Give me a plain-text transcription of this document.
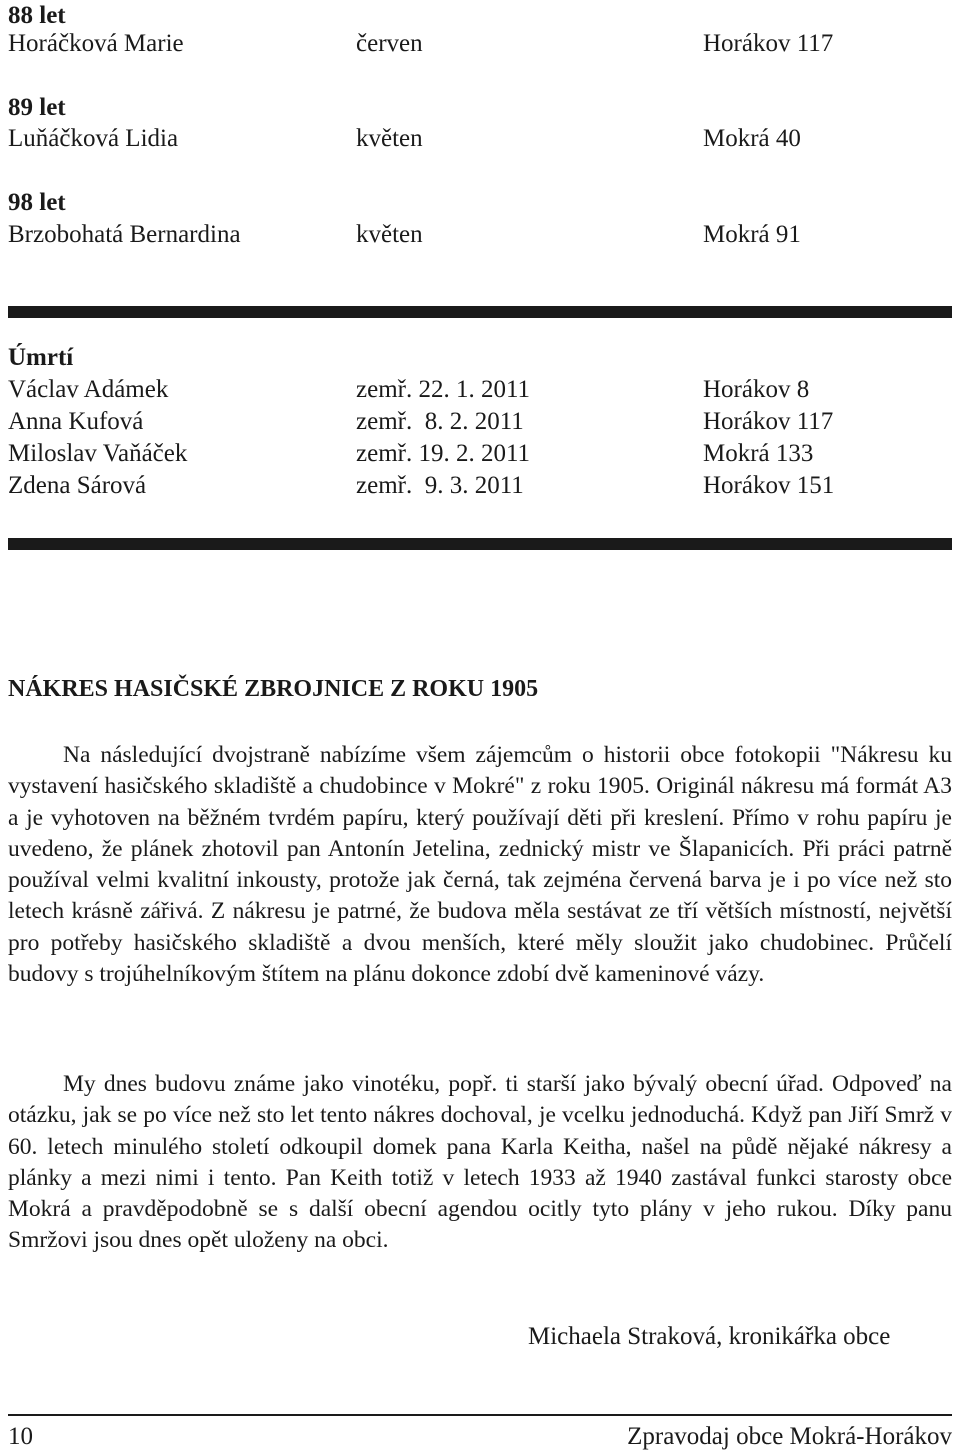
88 let
Horáčková Marie	červen	Horákov 117
89 let
Luňáčková Lidia	květen	Mokrá 40
98 let
Brzobohatá Bernardina	květen	Mokrá 91
Úmrtí
Václav Adámek	zemř. 22. 1. 2011	Horákov 8
Anna Kufová	zemř.  8. 2. 2011	Horákov 117
Miloslav Vaňáček	zemř. 19. 2. 2011	Mokrá 133
Zdena Sárová	zemř.  9. 3. 2011	Horákov 151
NÁKRES HASIČSKÉ ZBROJNICE Z ROKU 1905

Na následující dvojstraně nabízíme všem zájemcům o historii obce fotokopii "Nákresu ku vystavení hasičského skladiště a chudobince v Mokré" z roku 1905. Originál nákresu má formát A3 a je vyhotoven na běžném tvrdém papíru, který používají děti při kreslení. Přímo v rohu papíru je uvedeno, že plánek zhotovil pan Antonín Jetelina, zednický mistr ve Šlapanicích. Při práci patrně používal velmi kvalitní inkousty, protože jak černá, tak zejména červená barva je i po více než sto letech krásně zářivá. Z nákresu je patrné, že budova měla sestávat ze tří větších místností, největší pro potřeby hasičského skladiště a dvou menších, které měly sloužit jako chudobinec. Průčelí budovy s trojúhelníkovým štítem na plánu dokonce zdobí dvě kameninové vázy.

My dnes budovu známe jako vinotéku, popř. ti starší jako bývalý obecní úřad. Odpoveď na otázku, jak se po více než sto let tento nákres dochoval, je vcelku jednoduchá. Když pan Jiří Smrž v 60. letech minulého století odkoupil domek pana Karla Keitha, našel na půdě nějaké nákresy a plánky a mezi nimi i tento. Pan Keith totiž v letech 1933 až 1940 zastával funkci starosty obce Mokrá a pravděpodobně se s další obecní agendou ocitly tyto plány v jeho rukou. Díky panu Smržovi jsou dnes opět uloženy na obci.

Michaela Straková, kronikářka obce
10	Zpravodaj obce Mokrá-Horákov
